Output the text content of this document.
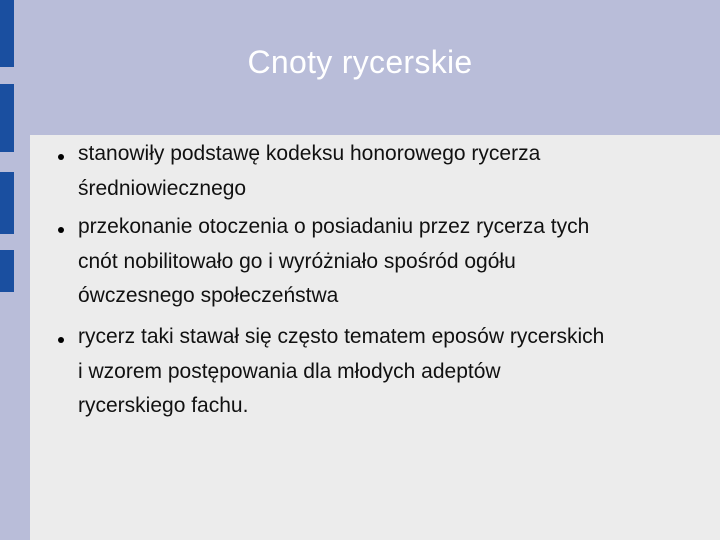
Cnoty rycerskie
stanowiły podstawę kodeksu honorowego rycerza
średniowiecznego
przekonanie otoczenia o posiadaniu przez rycerza tych
cnót nobilitowało go i wyróżniało spośród ogółu
ówczesnego społeczeństwa
rycerz taki stawał się często tematem eposów rycerskich
i wzorem postępowania dla młodych adeptów
rycerskiego fachu.
